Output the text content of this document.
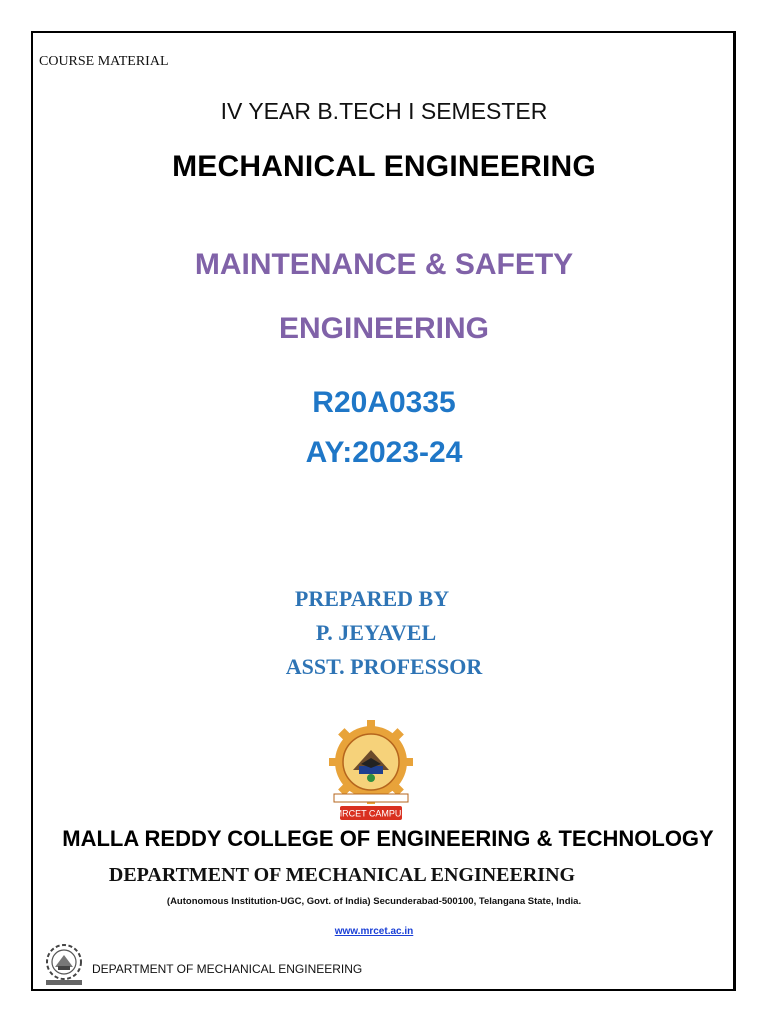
COURSE MATERIAL
IV YEAR B.TECH I SEMESTER
MECHANICAL ENGINEERING
MAINTENANCE & SAFETY
ENGINEERING
R20A0335
AY:2023-24
PREPARED BY
P. JEYAVEL
ASST. PROFESSOR
MRCET CAMPUS
MALLA REDDY COLLEGE OF ENGINEERING & TECHNOLOGY
DEPARTMENT OF MECHANICAL ENGINEERING
(Autonomous Institution-UGC, Govt. of India) Secunderabad-500100, Telangana State, India.
www.mrcet.ac.in
DEPARTMENT OF MECHANICAL ENGINEERING
